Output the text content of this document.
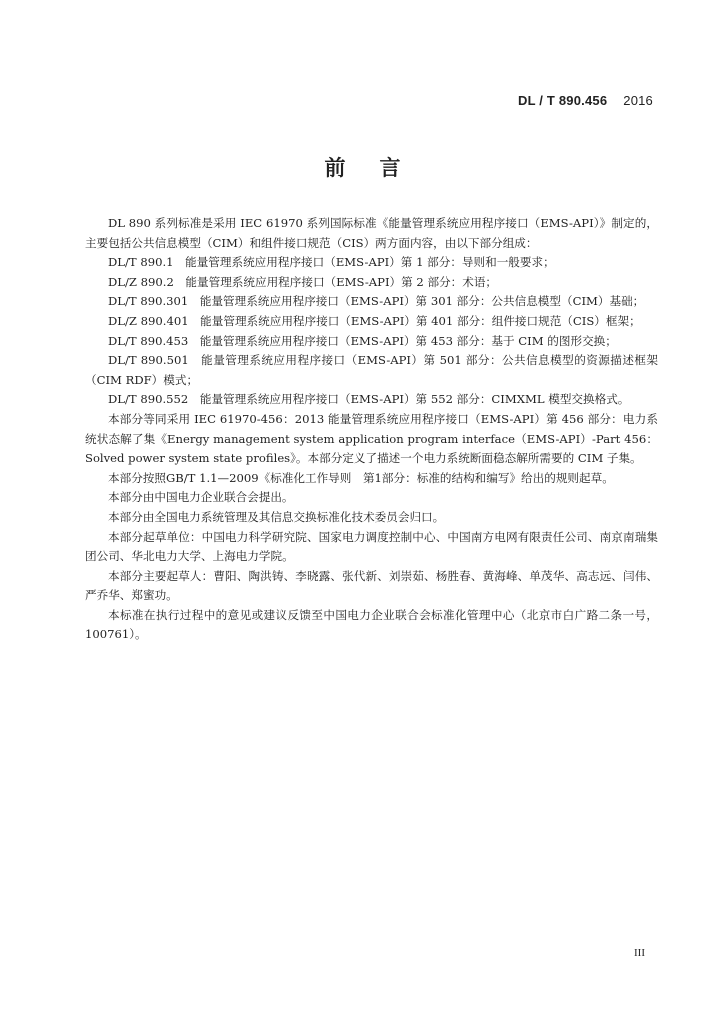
DL / T 890.456 2016
前言

DL 890 系列标准是采用 IEC 61970 系列国际标准《能量管理系统应用程序接口（EMS-API）》制定的，主要包括公共信息模型（CIM）和组件接口规范（CIS）两方面内容，由以下部分组成：

DL/T 890.1　能量管理系统应用程序接口（EMS-API）第 1 部分：导则和一般要求；

DL/Z 890.2　能量管理系统应用程序接口（EMS-API）第 2 部分：术语；

DL/T 890.301　能量管理系统应用程序接口（EMS-API）第 301 部分：公共信息模型（CIM）基础；

DL/Z 890.401　能量管理系统应用程序接口（EMS-API）第 401 部分：组件接口规范（CIS）框架；

DL/T 890.453　能量管理系统应用程序接口（EMS-API）第 453 部分：基于 CIM 的图形交换；

DL/T 890.501　能量管理系统应用程序接口（EMS-API）第 501 部分：公共信息模型的资源描述框架（CIM RDF）模式；

DL/T 890.552　能量管理系统应用程序接口（EMS-API）第 552 部分：CIMXML 模型交换格式。

本部分等同采用 IEC 61970-456：2013 能量管理系统应用程序接口（EMS-API）第 456 部分：电力系统状态解了集《Energy management system application program interface（EMS-API）-Part 456：Solved power system state profiles》。本部分定义了描述一个电力系统断面稳态解所需要的 CIM 子集。

本部分按照GB/T 1.1—2009《标准化工作导则　第1部分：标准的结构和编写》给出的规则起草。

本部分由中国电力企业联合会提出。

本部分由全国电力系统管理及其信息交换标准化技术委员会归口。

本部分起草单位：中国电力科学研究院、国家电力调度控制中心、中国南方电网有限责任公司、南京南瑞集团公司、华北电力大学、上海电力学院。

本部分主要起草人：曹阳、陶洪铸、李晓露、张代新、刘崇茹、杨胜春、黄海峰、单茂华、高志远、闫伟、严乔华、郑蜜功。

本标准在执行过程中的意见或建议反馈至中国电力企业联合会标准化管理中心（北京市白广路二条一号，100761）。

III
